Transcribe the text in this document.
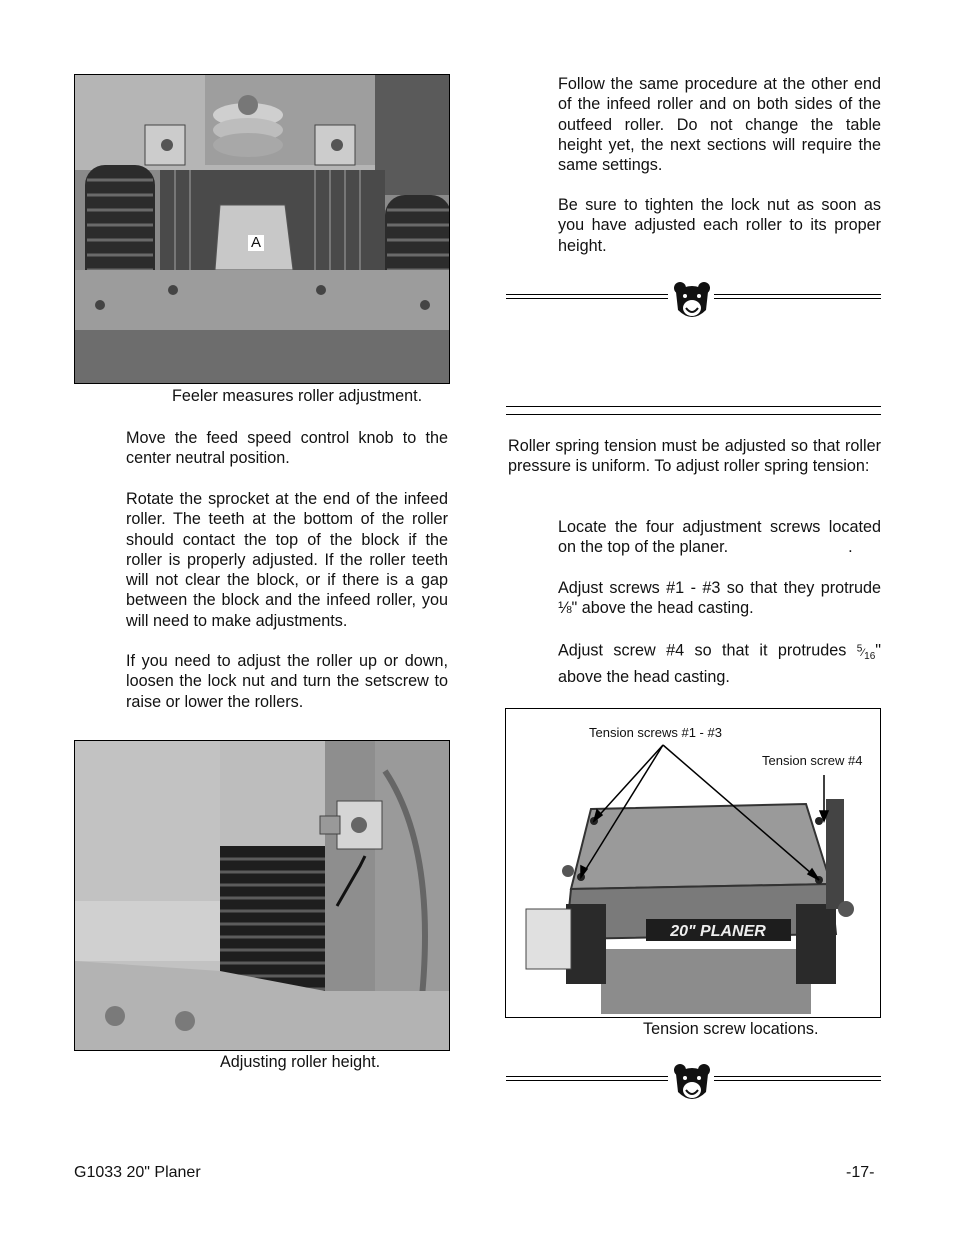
A
Feeler measures roller adjustment.
Move the feed speed control knob to the center neutral position.
Rotate the sprocket at the end of the infeed roller. The teeth at the bottom of the roller should contact the top of the block if the roller is properly adjusted. If the roller teeth will not clear the block, or if there is a gap between the block and the infeed roller, you will need to make adjustments.
If you need to adjust the roller up or down, loosen the lock nut and turn the setscrew to raise or lower the rollers.
Adjusting roller height.
Follow the same procedure at the other end of the infeed roller and on both sides of the outfeed roller. Do not change the table height yet, the next sections will require the same settings.
Be sure to tighten the lock nut as soon as you have adjusted each roller to its proper height.
Roller spring tension must be adjusted so that roller pressure is uniform. To adjust roller spring tension:
Locate the four adjustment screws located on the top of the planer.	.
Adjust screws #1 - #3 so that they protrude ⅛" above the head casting.
Adjust screw #4 so that it protrudes $^5⁄_{16}$" above the head casting.
20" PLANER
Tension screws #1 - #3
Tension screw #4
Tension screw locations.
G1033 20" Planer	-17-
